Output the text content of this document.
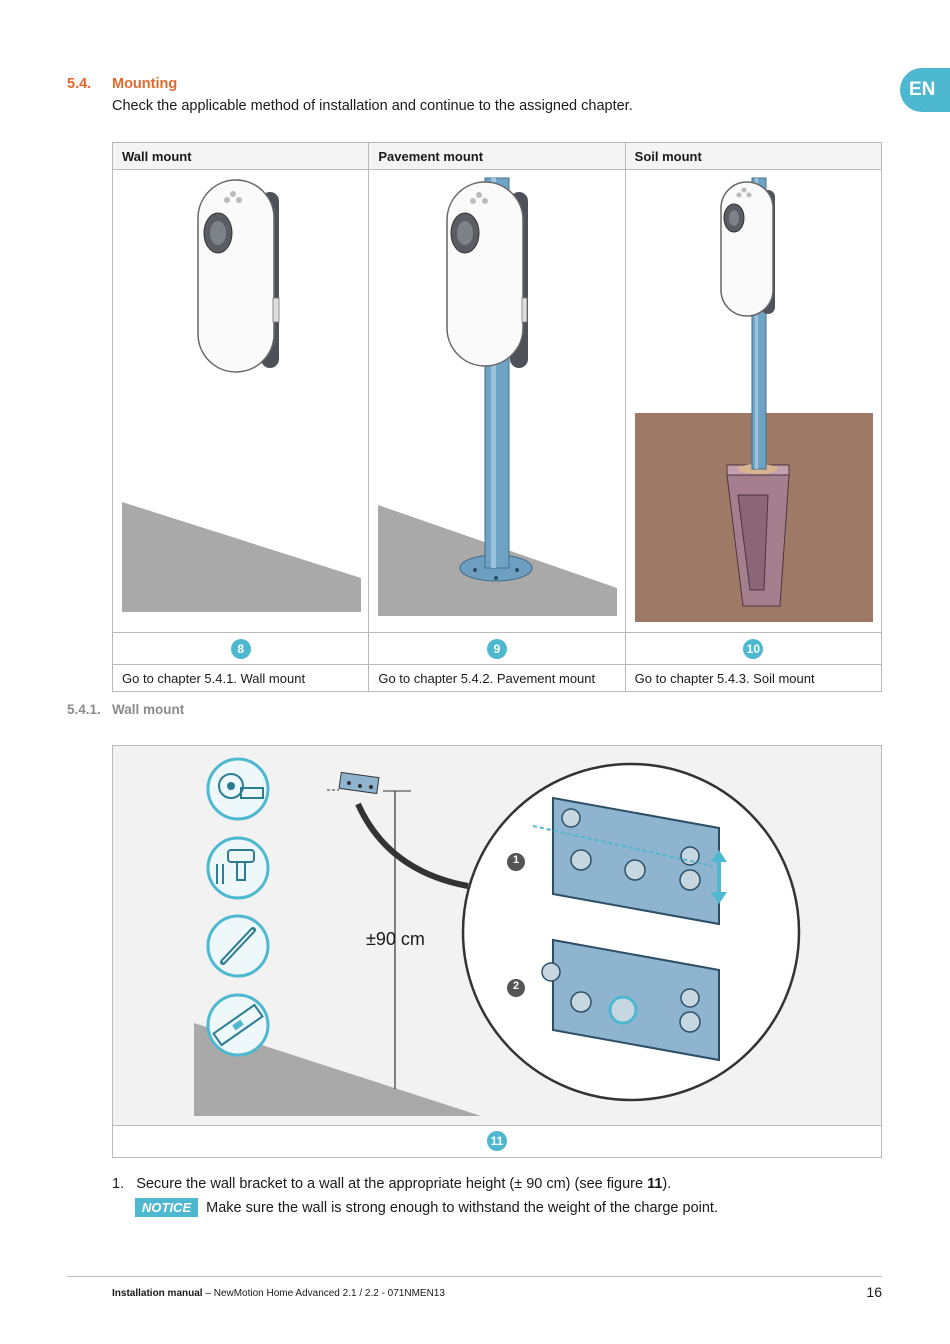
EN
5.4. Mounting
Check the applicable method of installation and continue to the assigned chapter.
Wall mount	Pavement mount	Soil mount

8	9	10
Go to chapter 5.4.1. Wall mount	Go to chapter 5.4.2. Pavement mount	Go to chapter 5.4.3. Soil mount
5.4.1. Wall mount
±90 cm
1
2
11
1. Secure the wall bracket to a wall at the appropriate height (± 90 cm) (see figure 11).
NOTICE Make sure the wall is strong enough to withstand the weight of the charge point.
Installation manual – NewMotion Home Advanced 2.1 / 2.2 - 071NMEN13	16
